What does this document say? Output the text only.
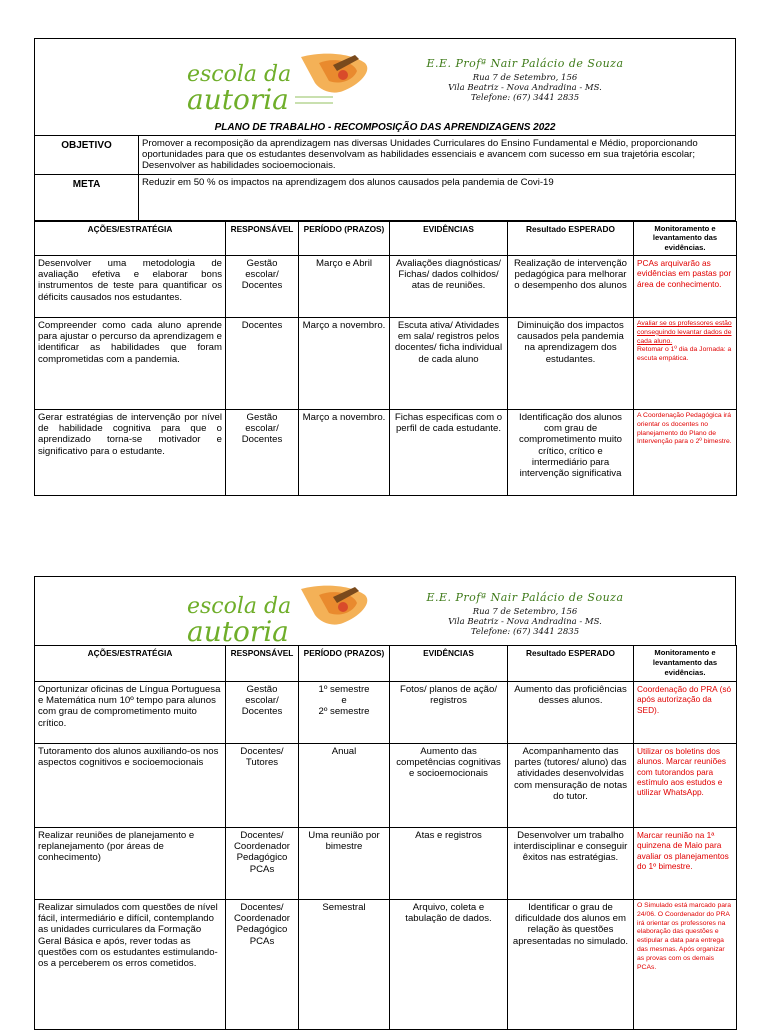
escola da
autoria
E.E. Profª Nair Palácio de Souza
Rua 7 de Setembro, 156
Vila Beatriz - Nova Andradina - MS.
Telefone: (67) 3441 2835
PLANO DE TRABALHO - RECOMPOSIÇÃO DAS APRENDIZAGENS 2022
OBJETIVO	Promover a recomposição da aprendizagem nas diversas Unidades Curriculares do Ensino Fundamental e Médio, proporcionando oportunidades para que os estudantes desenvolvam as habilidades essenciais e avancem com sucesso em sua trajetória escolar;
Desenvolver as habilidades socioemocionais.
META	Reduzir em 50 % os impactos na aprendizagem dos alunos causados pela pandemia de Covi-19
AÇÕES/ESTRATÉGIA	RESPONSÁVEL	PERÍODO (PRAZOS)	EVIDÊNCIAS	Resultado ESPERADO	Monitoramento e levantamento das evidências.
Desenvolver uma metodologia de avaliação efetiva e elaborar bons instrumentos de teste para quantificar os déficits causados nos estudantes.	Gestão escolar/ Docentes	Março e Abril	Avaliações diagnósticas/ Fichas/ dados colhidos/ atas de reuniões.	Realização de intervenção pedagógica para melhorar o desempenho dos alunos	PCAs arquivarão as evidências em pastas por área de conhecimento.
Compreender como cada aluno aprende para ajustar o percurso da aprendizagem e identificar as habilidades que foram comprometidas com a pandemia.	Docentes	Março a novembro.	Escuta ativa/ Atividades em sala/ registros pelos docentes/ ficha individual de cada aluno	Diminuição dos impactos causados pela pandemia na aprendizagem dos estudantes.	Avaliar se os professores estão conseguindo levantar dados de cada aluno.
Retomar o 1º dia da Jornada: a escuta empática.
Gerar estratégias de intervenção por nível de habilidade cognitiva para que o aprendizado torna-se motivador e significativo para o estudante.	Gestão escolar/ Docentes	Março a novembro.	Fichas especificas com o perfil de cada estudante.	Identificação dos alunos com grau de comprometimento muito crítico, crítico e intermediário para intervenção significativa	A Coordenação Pedagógica irá orientar os docentes no planejamento do Plano de Intervenção para o 2º bimestre.
escola da
autoria
E.E. Profª Nair Palácio de Souza
Rua 7 de Setembro, 156
Vila Beatriz - Nova Andradina - MS.
Telefone: (67) 3441 2835
AÇÕES/ESTRATÉGIA	RESPONSÁVEL	PERÍODO (PRAZOS)	EVIDÊNCIAS	Resultado ESPERADO	Monitoramento e levantamento das evidências.
Oportunizar oficinas de Língua Portuguesa e Matemática num 10º tempo para alunos com grau de comprometimento muito crítico.	Gestão escolar/ Docentes	1º semestre
e
2º semestre	Fotos/ planos de ação/ registros	Aumento das proficiências desses alunos.	Coordenação do PRA (só após autorização da SED).
Tutoramento dos alunos auxiliando-os nos aspectos cognitivos e socioemocionais	Docentes/ Tutores	Anual	Aumento das competências cognitivas e socioemocionais	Acompanhamento das partes (tutores/ aluno) das atividades desenvolvidas com mensuração de notas do tutor.	Utilizar os boletins dos alunos. Marcar reuniões com tutorandos para estímulo aos estudos e utilizar WhatsApp.
Realizar reuniões de planejamento e replanejamento (por áreas de conhecimento)	Docentes/ Coordenador Pedagógico PCAs	Uma reunião por bimestre	Atas e registros	Desenvolver um trabalho interdisciplinar e conseguir êxitos nas estratégias.	Marcar reunião na 1ª quinzena de Maio para avaliar os planejamentos do 1º bimestre.
Realizar simulados com questões de nível fácil, intermediário e difícil, contemplando as unidades curriculares da Formação Geral Básica e após, rever todas as questões com os estudantes estimulando-os a perceberem os erros cometidos.	Docentes/ Coordenador Pedagógico PCAs	Semestral	Arquivo, coleta e tabulação de dados.	Identificar o grau de dificuldade dos alunos em relação às questões apresentadas no simulado.	O Simulado está marcado para 24/06. O Coordenador do PRA irá orientar os professores na elaboração das questões e estipular a data para entrega das mesmas. Após organizar as provas com os demais PCAs.
